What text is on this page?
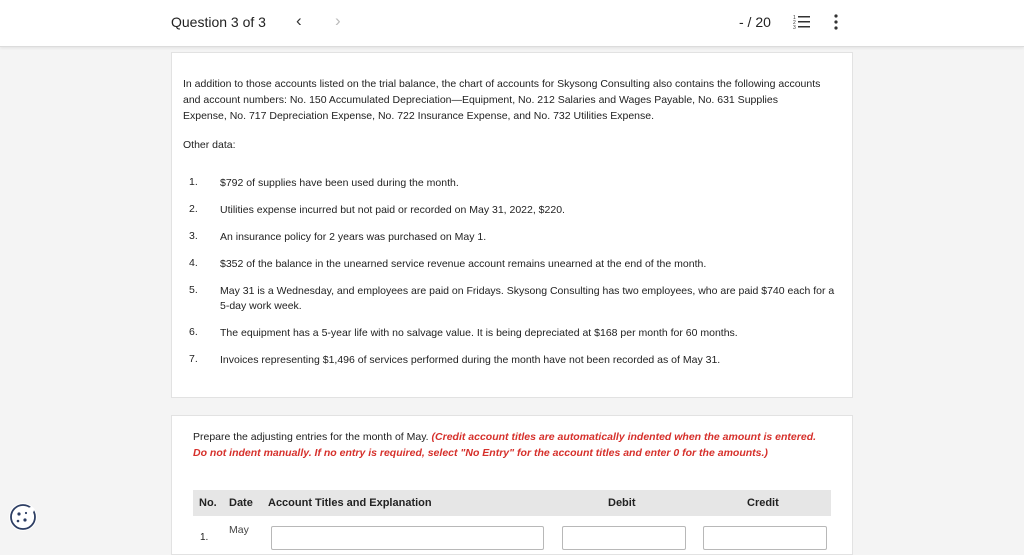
Question 3 of 3 ‹ ›	- / 20	1
2
3
In addition to those accounts listed on the trial balance, the chart of accounts for Skysong Consulting also contains the following accounts and account numbers: No. 150 Accumulated Depreciation—Equipment, No. 212 Salaries and Wages Payable, No. 631 Supplies Expense, No. 717 Depreciation Expense, No. 722 Insurance Expense, and No. 732 Utilities Expense.
Other data:
1. $792 of supplies have been used during the month.
2. Utilities expense incurred but not paid or recorded on May 31, 2022, $220.
3. An insurance policy for 2 years was purchased on May 1.
4. $352 of the balance in the unearned service revenue account remains unearned at the end of the month.
5. May 31 is a Wednesday, and employees are paid on Fridays. Skysong Consulting has two employees, who are paid $740 each for a 5-day work week.
6. The equipment has a 5-year life with no salvage value. It is being depreciated at $168 per month for 60 months.
7. Invoices representing $1,496 of services performed during the month have not been recorded as of May 31.
Prepare the adjusting entries for the month of May. (Credit account titles are automatically indented when the amount is entered. Do not indent manually. If no entry is required, select "No Entry" for the account titles and enter 0 for the amounts.)
No. Date Account Titles and Explanation	Debit	Credit
1.
May
